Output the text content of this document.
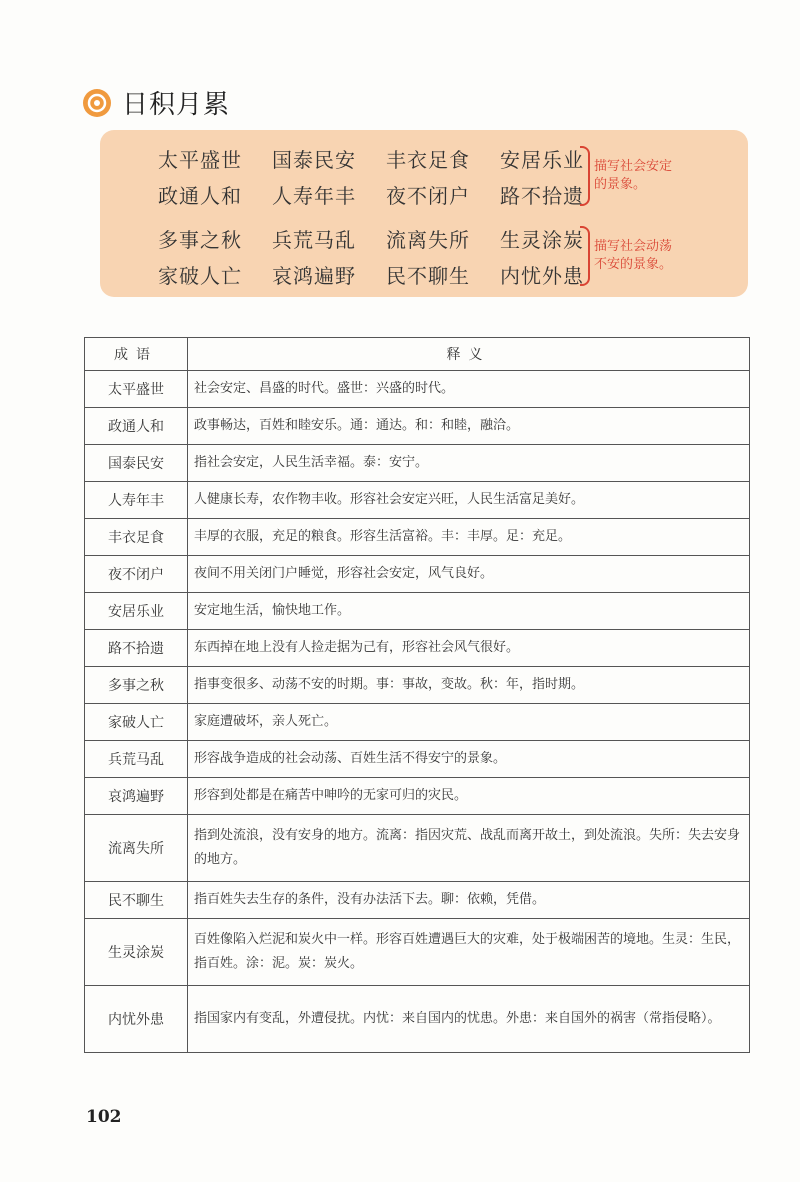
日积月累
太平盛世	国泰民安	丰衣足食	安居乐业
政通人和	人寿年丰	夜不闭户	路不拾遗
描写社会安定
的景象。
多事之秋	兵荒马乱	流离失所	生灵涂炭
家破人亡	哀鸿遍野	民不聊生	内忧外患
描写社会动荡
不安的景象。
成语	释义
太平盛世	社会安定、昌盛的时代。盛世：兴盛的时代。
政通人和	政事畅达，百姓和睦安乐。通：通达。和：和睦，融洽。
国泰民安	指社会安定，人民生活幸福。泰：安宁。
人寿年丰	人健康长寿，农作物丰收。形容社会安定兴旺，人民生活富足美好。
丰衣足食	丰厚的衣服，充足的粮食。形容生活富裕。丰：丰厚。足：充足。
夜不闭户	夜间不用关闭门户睡觉，形容社会安定，风气良好。
安居乐业	安定地生活，愉快地工作。
路不拾遗	东西掉在地上没有人捡走据为己有，形容社会风气很好。
多事之秋	指事变很多、动荡不安的时期。事：事故，变故。秋：年，指时期。
家破人亡	家庭遭破坏，亲人死亡。
兵荒马乱	形容战争造成的社会动荡、百姓生活不得安宁的景象。
哀鸿遍野	形容到处都是在痛苦中呻吟的无家可归的灾民。
流离失所	指到处流浪，没有安身的地方。流离：指因灾荒、战乱而离开故土，到处流浪。失所：失去安身的地方。
民不聊生	指百姓失去生存的条件，没有办法活下去。聊：依赖，凭借。
生灵涂炭	百姓像陷入烂泥和炭火中一样。形容百姓遭遇巨大的灾难，处于极端困苦的境地。生灵：生民，指百姓。涂：泥。炭：炭火。
内忧外患	指国家内有变乱，外遭侵扰。内忧：来自国内的忧患。外患：来自国外的祸害（常指侵略）。
102
